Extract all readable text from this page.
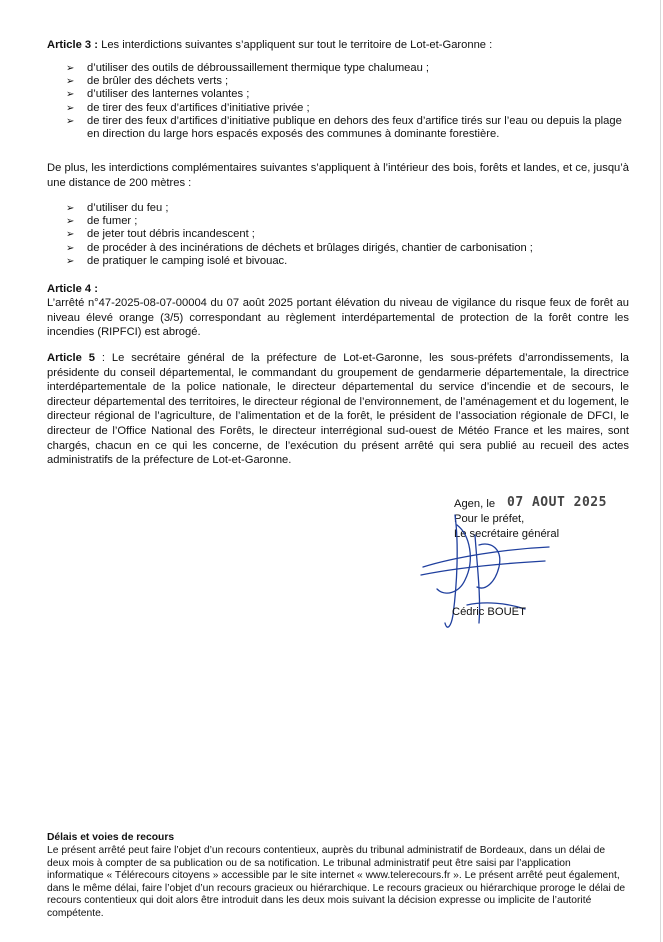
Article 3 : Les interdictions suivantes s’appliquent sur tout le territoire de Lot-et-Garonne :
➢ d’utiliser des outils de débroussaillement thermique type chalumeau ;
➢ de brûler des déchets verts ;
➢ d’utiliser des lanternes volantes ;
➢ de tirer des feux d’artifices d’initiative privée ;
➢ de tirer des feux d’artifices d’initiative publique en dehors des feux d’artifice tirés sur l’eau ou depuis la plage en direction du large hors espacés exposés des communes à dominante forestière.
De plus, les interdictions complémentaires suivantes s’appliquent à l’intérieur des bois, forêts et landes, et ce, jusqu’à une distance de 200 mètres :
➢ d’utiliser du feu ;
➢ de fumer ;
➢ de jeter tout débris incandescent ;
➢ de procéder à des incinérations de déchets et brûlages dirigés, chantier de carbonisation ;
➢ de pratiquer le camping isolé et bivouac.
Article 4 :
L’arrêté n°47-2025-08-07-00004 du 07 août 2025 portant élévation du niveau de vigilance du risque feux de forêt au niveau élevé orange (3/5) correspondant au règlement interdépartemental de protection de la forêt contre les incendies (RIPFCI) est abrogé.
Article 5 : Le secrétaire général de la préfecture de Lot-et-Garonne, les sous-préfets d’arrondissements, la présidente du conseil départemental, le commandant du groupement de gendarmerie départementale, la directrice interdépartementale de la police nationale, le directeur départemental du service d’incendie et de secours, le directeur départemental des territoires, le directeur régional de l’environnement, de l’aménagement et du logement, le directeur régional de l’agriculture, de l’alimentation et de la forêt, le président de l’association régionale de DFCI, le directeur de l’Office National des Forêts, le directeur interrégional sud-ouest de Météo France et les maires, sont chargés, chacun en ce qui les concerne, de l’exécution du présent arrêté qui sera publié au recueil des actes administratifs de la préfecture de Lot-et-Garonne.
Agen, le 07 AOUT 2025
Pour le préfet,
Le secrétaire général
Cédric BOUET
Délais et voies de recours
Le présent arrêté peut faire l’objet d’un recours contentieux, auprès du tribunal administratif de Bordeaux, dans un délai de deux mois à compter de sa publication ou de sa notification. Le tribunal administratif peut être saisi par l’application informatique « Télérecours citoyens » accessible par le site internet « www.telerecours.fr ». Le présent arrêté peut également, dans le même délai, faire l’objet d’un recours gracieux ou hiérarchique. Le recours gracieux ou hiérarchique proroge le délai de recours contentieux qui doit alors être introduit dans les deux mois suivant la décision expresse ou implicite de l’autorité compétente.
